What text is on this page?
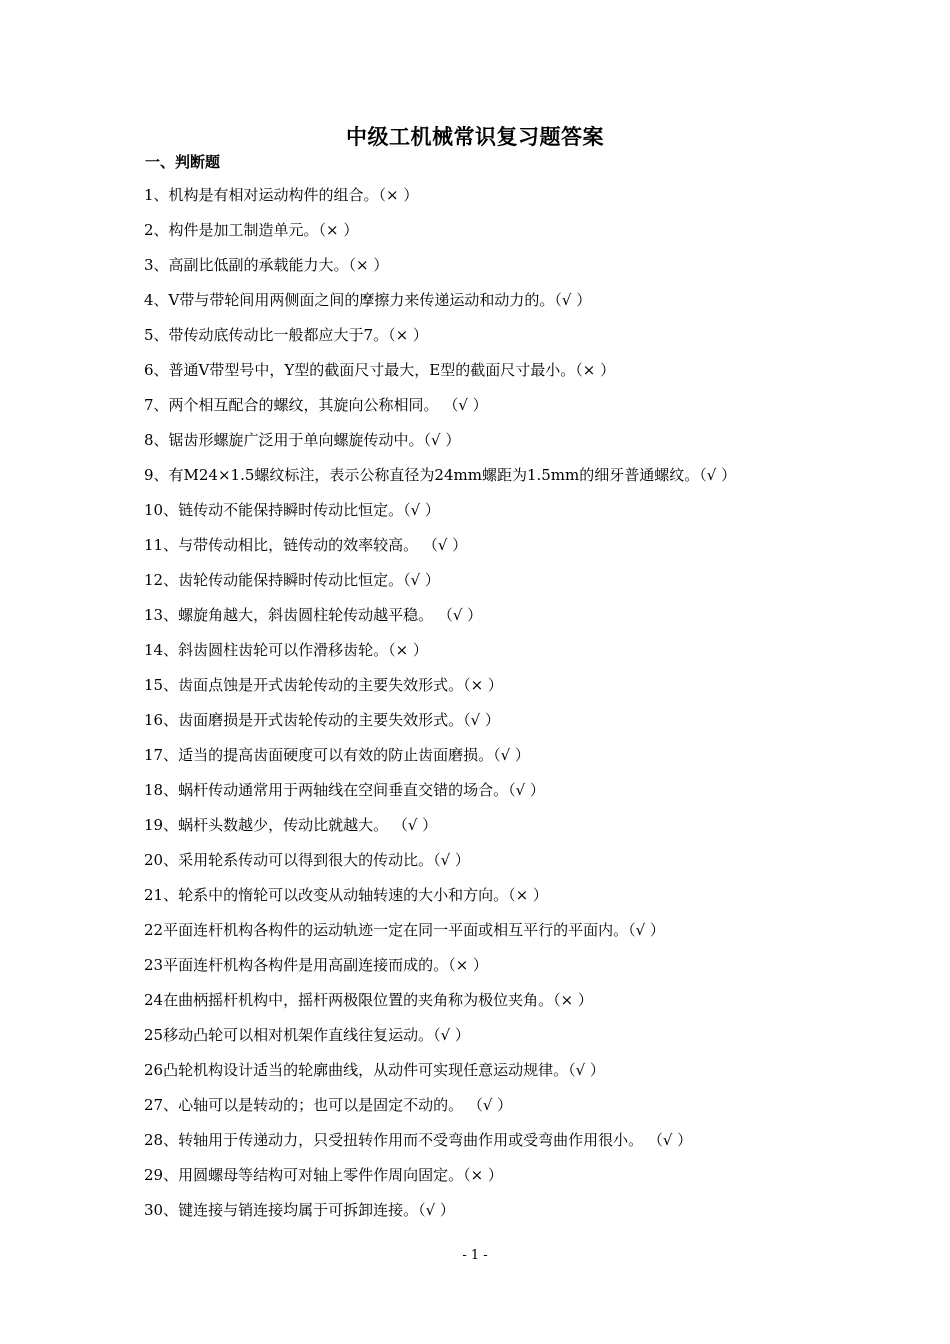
中级工机械常识复习题答案
一、判断题
1、机构是有相对运动构件的组合。（× ）
2、构件是加工制造单元。（× ）
3、高副比低副的承载能力大。（× ）
4、V带与带轮间用两侧面之间的摩擦力来传递运动和动力的。（√ ）
5、带传动底传动比一般都应大于7。（× ）
6、普通V带型号中，Y型的截面尺寸最大，E型的截面尺寸最小。（× ）
7、两个相互配合的螺纹，其旋向公称相同。 （√ ）
8、锯齿形螺旋广泛用于单向螺旋传动中。（√ ）
9、有M24×1.5螺纹标注，表示公称直径为24mm螺距为1.5mm的细牙普通螺纹。（√ ）
10、链传动不能保持瞬时传动比恒定。（√ ）
11、与带传动相比，链传动的效率较高。 （√ ）
12、齿轮传动能保持瞬时传动比恒定。（√ ）
13、螺旋角越大，斜齿圆柱轮传动越平稳。 （√ ）
14、斜齿圆柱齿轮可以作滑移齿轮。（× ）
15、齿面点蚀是开式齿轮传动的主要失效形式。（× ）
16、齿面磨损是开式齿轮传动的主要失效形式。（√ ）
17、适当的提高齿面硬度可以有效的防止齿面磨损。（√ ）
18、蜗杆传动通常用于两轴线在空间垂直交错的场合。（√ ）
19、蜗杆头数越少，传动比就越大。 （√ ）
20、采用轮系传动可以得到很大的传动比。（√ ）
21、轮系中的惰轮可以改变从动轴转速的大小和方向。（× ）
22平面连杆机构各构件的运动轨迹一定在同一平面或相互平行的平面内。（√ ）
23平面连杆机构各构件是用高副连接而成的。（× ）
24在曲柄摇杆机构中，摇杆两极限位置的夹角称为极位夹角。（× ）
25移动凸轮可以相对机架作直线往复运动。（√ ）
26凸轮机构设计适当的轮廓曲线，从动件可实现任意运动规律。（√ ）
27、心轴可以是转动的；也可以是固定不动的。 （√ ）
28、转轴用于传递动力，只受扭转作用而不受弯曲作用或受弯曲作用很小。 （√ ）
29、用圆螺母等结构可对轴上零件作周向固定。（× ）
30、键连接与销连接均属于可拆卸连接。（√ ）
- 1 -
